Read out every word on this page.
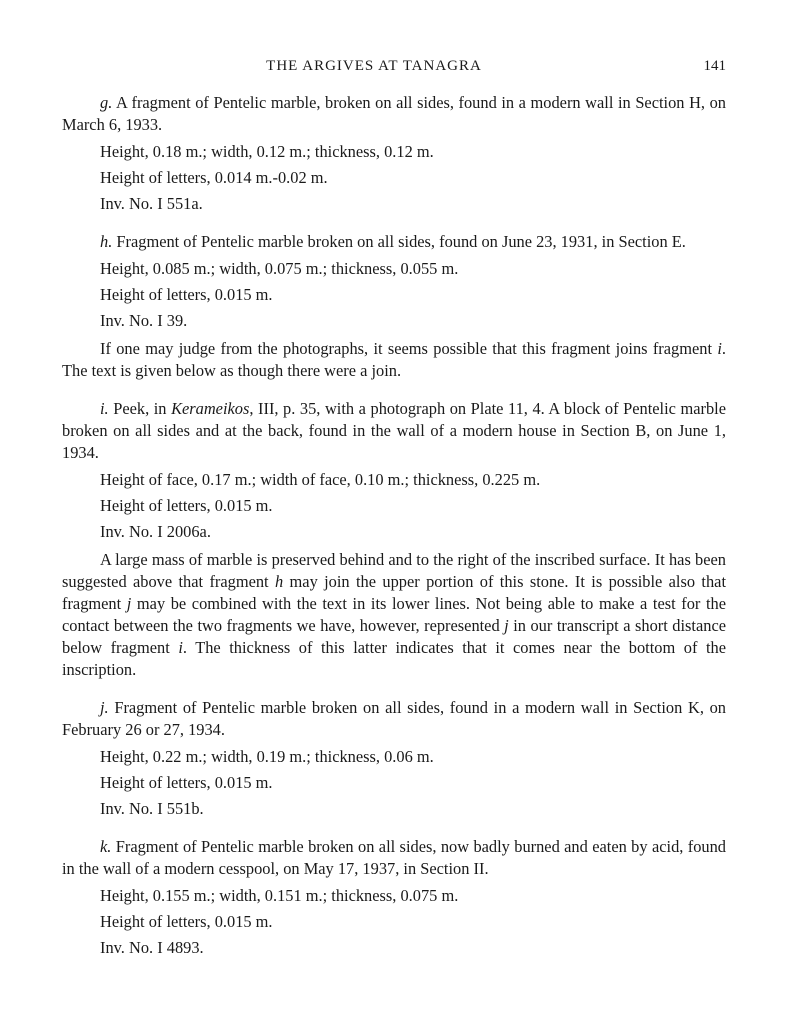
THE ARGIVES AT TANAGRA	141

g. A fragment of Pentelic marble, broken on all sides, found in a modern wall in Section H, on March 6, 1933.

Height, 0.18 m.; width, 0.12 m.; thickness, 0.12 m.

Height of letters, 0.014 m.-0.02 m.

Inv. No. I 551a.

h. Fragment of Pentelic marble broken on all sides, found on June 23, 1931, in Section E.

Height, 0.085 m.; width, 0.075 m.; thickness, 0.055 m.

Height of letters, 0.015 m.

Inv. No. I 39.

If one may judge from the photographs, it seems possible that this fragment joins fragment i. The text is given below as though there were a join.

i. Peek, in Kerameikos, III, p. 35, with a photograph on Plate 11, 4. A block of Pentelic marble broken on all sides and at the back, found in the wall of a modern house in Section B, on June 1, 1934.

Height of face, 0.17 m.; width of face, 0.10 m.; thickness, 0.225 m.

Height of letters, 0.015 m.

Inv. No. I 2006a.

A large mass of marble is preserved behind and to the right of the inscribed surface. It has been suggested above that fragment h may join the upper portion of this stone. It is possible also that fragment j may be combined with the text in its lower lines. Not being able to make a test for the contact between the two fragments we have, however, represented j in our transcript a short distance below fragment i. The thickness of this latter indicates that it comes near the bottom of the inscription.

j. Fragment of Pentelic marble broken on all sides, found in a modern wall in Section K, on February 26 or 27, 1934.

Height, 0.22 m.; width, 0.19 m.; thickness, 0.06 m.

Height of letters, 0.015 m.

Inv. No. I 551b.

k. Fragment of Pentelic marble broken on all sides, now badly burned and eaten by acid, found in the wall of a modern cesspool, on May 17, 1937, in Section II.

Height, 0.155 m.; width, 0.151 m.; thickness, 0.075 m.

Height of letters, 0.015 m.

Inv. No. I 4893.
